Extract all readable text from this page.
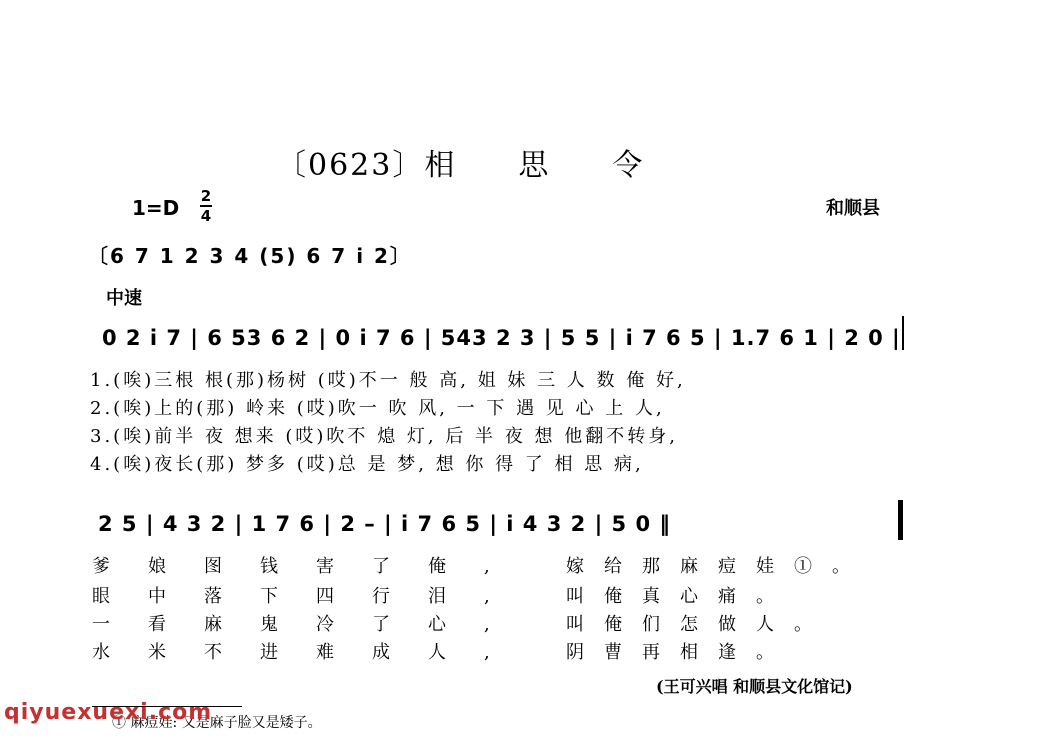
〔0623〕相 思 令
1=D 2
4	和顺县
〔6 7 1 2 3 4 (5) 6 7 i 2〕
中速
0 2 i 7 | 6 53 6 2 | 0 i 7 6 | 543 2 3 | 5 5 | i 7 6 5 | 1.7 6 1 | 2 0 |
1.(唉)三根 根(那)杨树 (哎)不一 般 高, 姐 妹 三 人 数 俺 好,
2.(唉)上的(那) 岭来 (哎)吹一 吹 风, 一 下 遇 见 心 上 人,
3.(唉)前半 夜 想来 (哎)吹不 熄 灯, 后 半 夜 想 他翻不转身,
4.(唉)夜长(那) 梦多 (哎)总 是 梦, 想 你 得 了 相 思 病,
2 5 | 4 3 2 | 1 7 6 | 2 – | i 7 6 5 | i 4 3 2 | 5 0 ‖
爹娘图钱害了俺,
眼中落下四行泪,
一看麻鬼冷了心,
水米不进难成人,
嫁给那麻痘娃①。
叫俺真心痛。
叫俺们怎做人。
阴曹再相逢。
(王可兴唱 和顺县文化馆记)
① 麻痘娃: 又是麻子脸又是矮子。
qiyuexuexi.com
